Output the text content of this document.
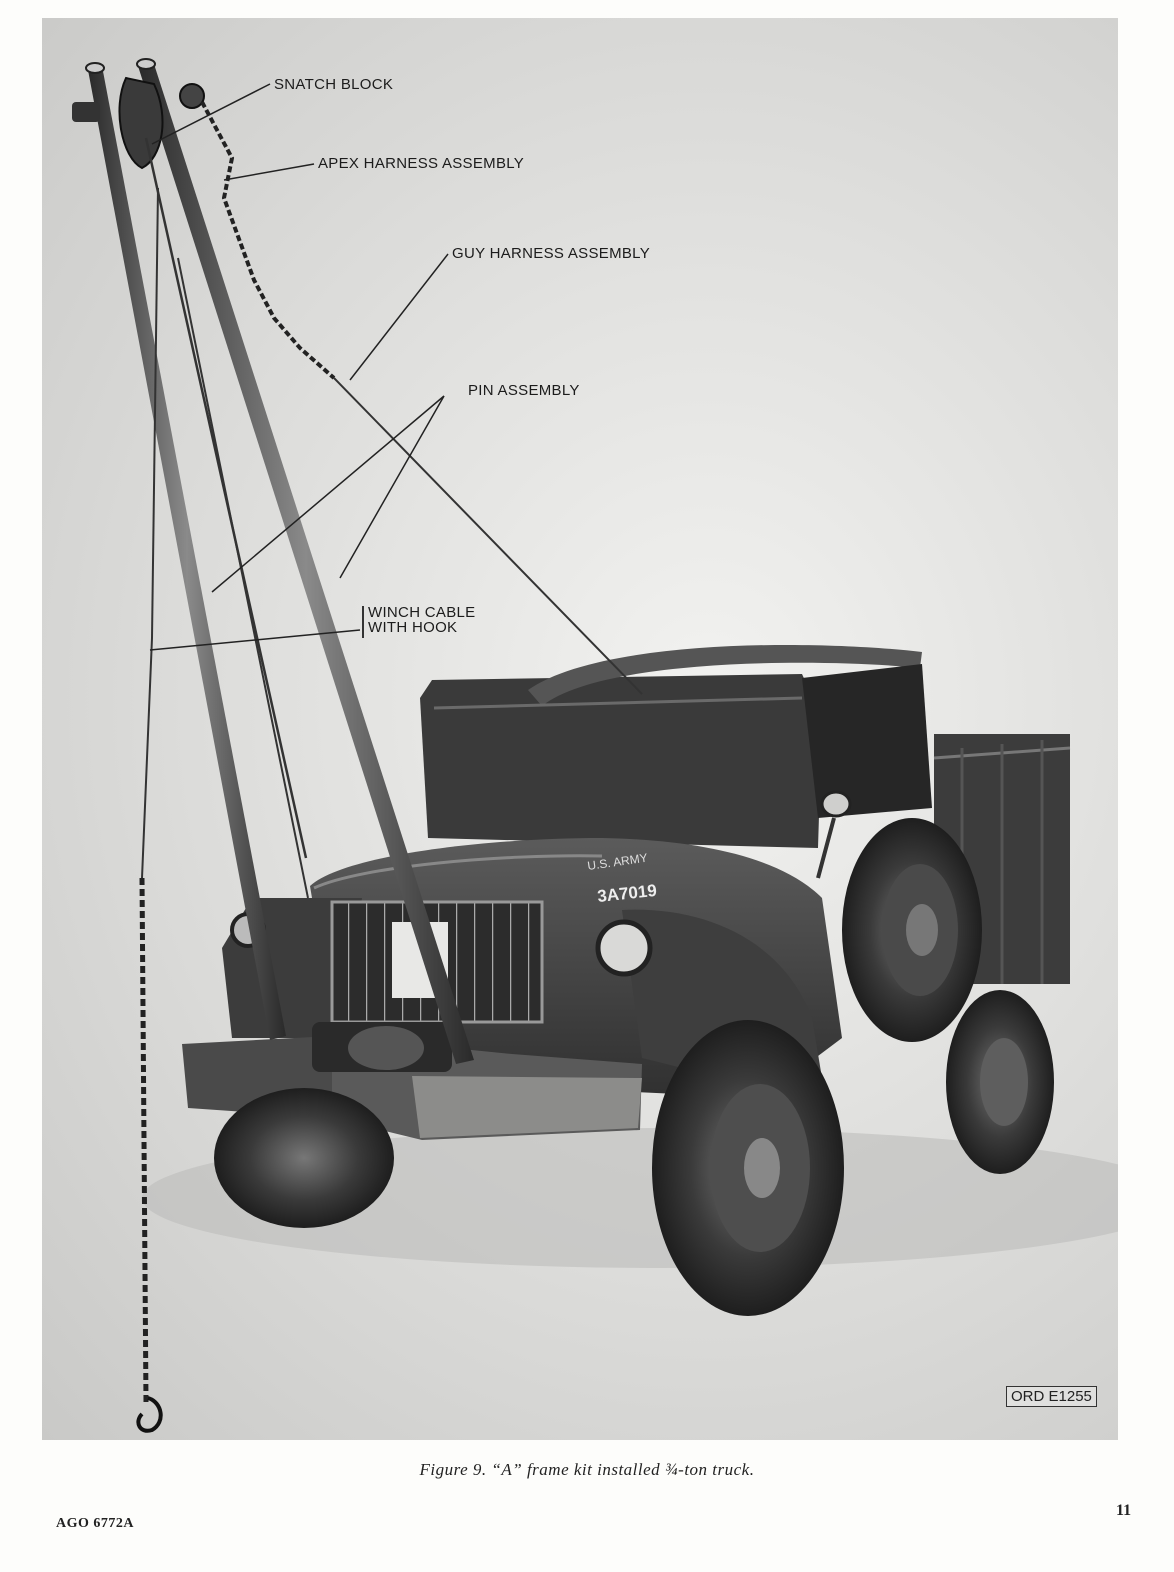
U.S. ARMY
3A7019
SNATCH BLOCK
APEX HARNESS ASSEMBLY
GUY HARNESS ASSEMBLY
PIN ASSEMBLY
WINCH CABLE
WITH HOOK
ORD E1255
Figure 9. “A” frame kit installed ¾-ton truck.
AGO 6772A
11
